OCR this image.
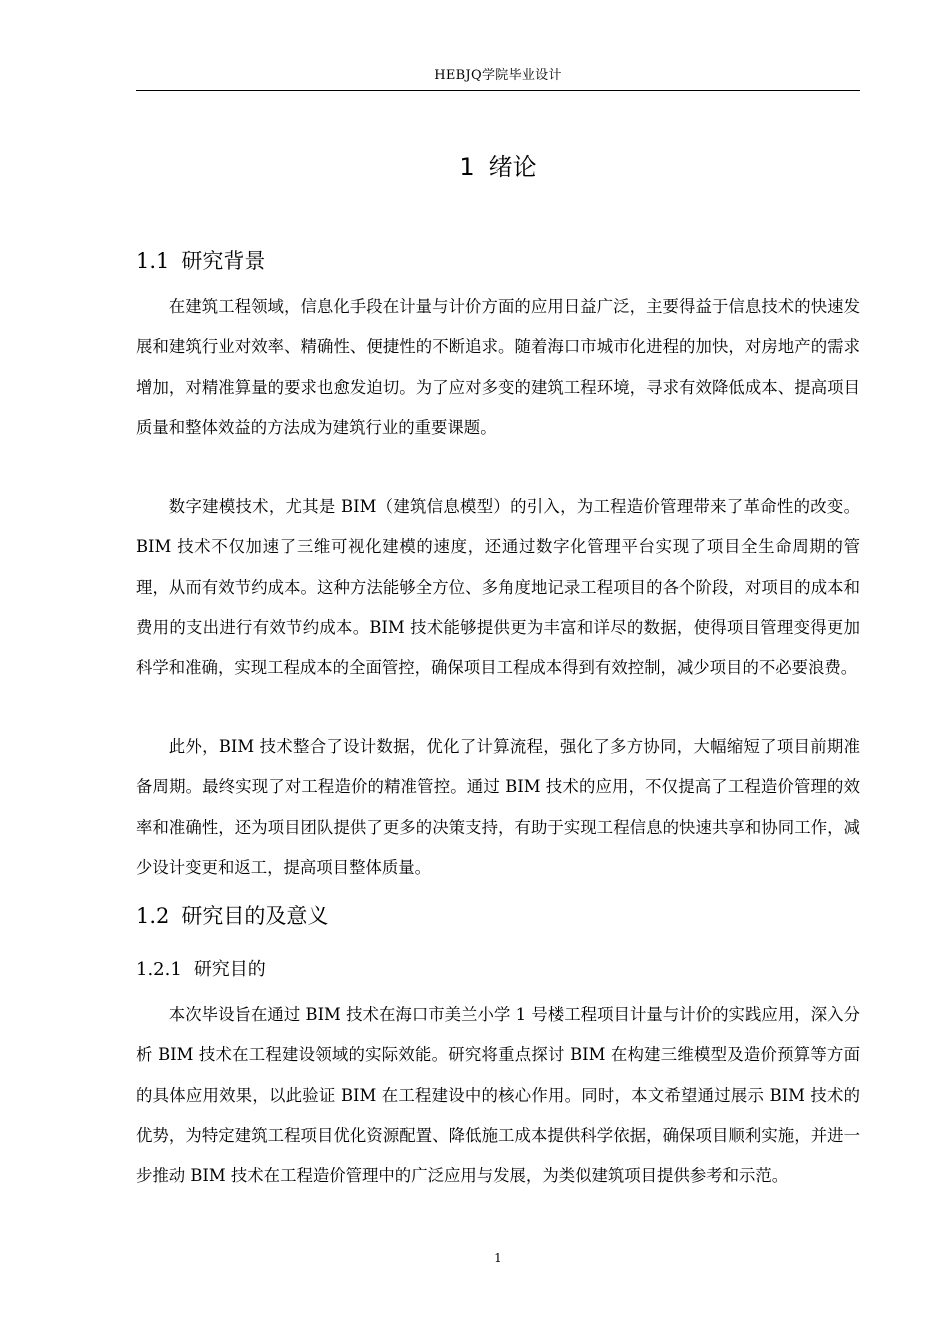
HEBJQ学院毕业设计
1 绪论
1.1 研究背景

在建筑工程领域，信息化手段在计量与计价方面的应用日益广泛，主要得益于信息技术的快速发展和建筑行业对效率、精确性、便捷性的不断追求。随着海口市城市化进程的加快，对房地产的需求增加，对精准算量的要求也愈发迫切。为了应对多变的建筑工程环境，寻求有效降低成本、提高项目质量和整体效益的方法成为建筑行业的重要课题。

数字建模技术，尤其是 BIM（建筑信息模型）的引入，为工程造价管理带来了革命性的改变。BIM 技术不仅加速了三维可视化建模的速度，还通过数字化管理平台实现了项目全生命周期的管理，从而有效节约成本。这种方法能够全方位、多角度地记录工程项目的各个阶段，对项目的成本和费用的支出进行有效节约成本。BIM 技术能够提供更为丰富和详尽的数据，使得项目管理变得更加科学和准确，实现工程成本的全面管控，确保项目工程成本得到有效控制，减少项目的不必要浪费。

此外，BIM 技术整合了设计数据，优化了计算流程，强化了多方协同，大幅缩短了项目前期准备周期。最终实现了对工程造价的精准管控。通过 BIM 技术的应用，不仅提高了工程造价管理的效率和准确性，还为项目团队提供了更多的决策支持，有助于实现工程信息的快速共享和协同工作，减少设计变更和返工，提高项目整体质量。

1.2 研究目的及意义
1.2.1 研究目的

本次毕设旨在通过 BIM 技术在海口市美兰小学 1 号楼工程项目计量与计价的实践应用，深入分析 BIM 技术在工程建设领域的实际效能。研究将重点探讨 BIM 在构建三维模型及造价预算等方面的具体应用效果，以此验证 BIM 在工程建设中的核心作用。同时，本文希望通过展示 BIM 技术的优势，为特定建筑工程项目优化资源配置、降低施工成本提供科学依据，确保项目顺利实施，并进一步推动 BIM 技术在工程造价管理中的广泛应用与发展，为类似建筑项目提供参考和示范。

1
